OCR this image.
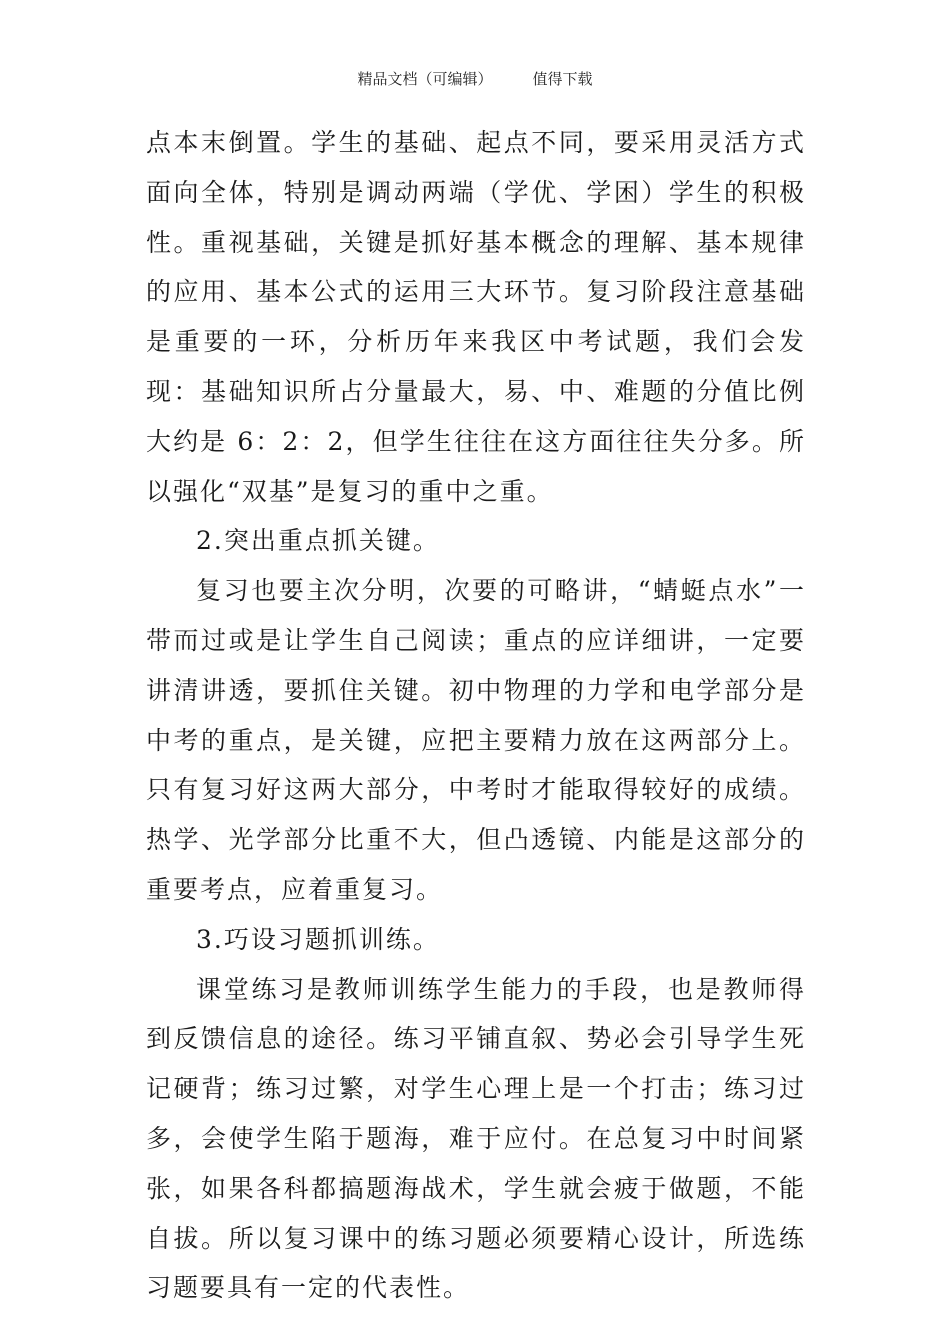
精品文档（可编辑）	值得下载

点本末倒置。学生的基础、起点不同，要采用灵活方式面向全体，特别是调动两端（学优、学困）学生的积极性。重视基础，关键是抓好基本概念的理解、基本规律的应用、基本公式的运用三大环节。复习阶段注意基础是重要的一环，分析历年来我区中考试题，我们会发现：基础知识所占分量最大，易、中、难题的分值比例大约是 6：2：2，但学生往往在这方面往往失分多。所以强化“双基”是复习的重中之重。

2.突出重点抓关键。

复习也要主次分明，次要的可略讲，“蜻蜓点水”一带而过或是让学生自己阅读；重点的应详细讲，一定要讲清讲透，要抓住关键。初中物理的力学和电学部分是中考的重点，是关键，应把主要精力放在这两部分上。只有复习好这两大部分，中考时才能取得较好的成绩。热学、光学部分比重不大，但凸透镜、内能是这部分的重要考点，应着重复习。

3.巧设习题抓训练。

课堂练习是教师训练学生能力的手段，也是教师得到反馈信息的途径。练习平铺直叙、势必会引导学生死记硬背；练习过繁，对学生心理上是一个打击；练习过多，会使学生陷于题海，难于应付。在总复习中时间紧张，如果各科都搞题海战术，学生就会疲于做题，不能自拔。所以复习课中的练习题必须要精心设计，所选练习题要具有一定的代表性。
